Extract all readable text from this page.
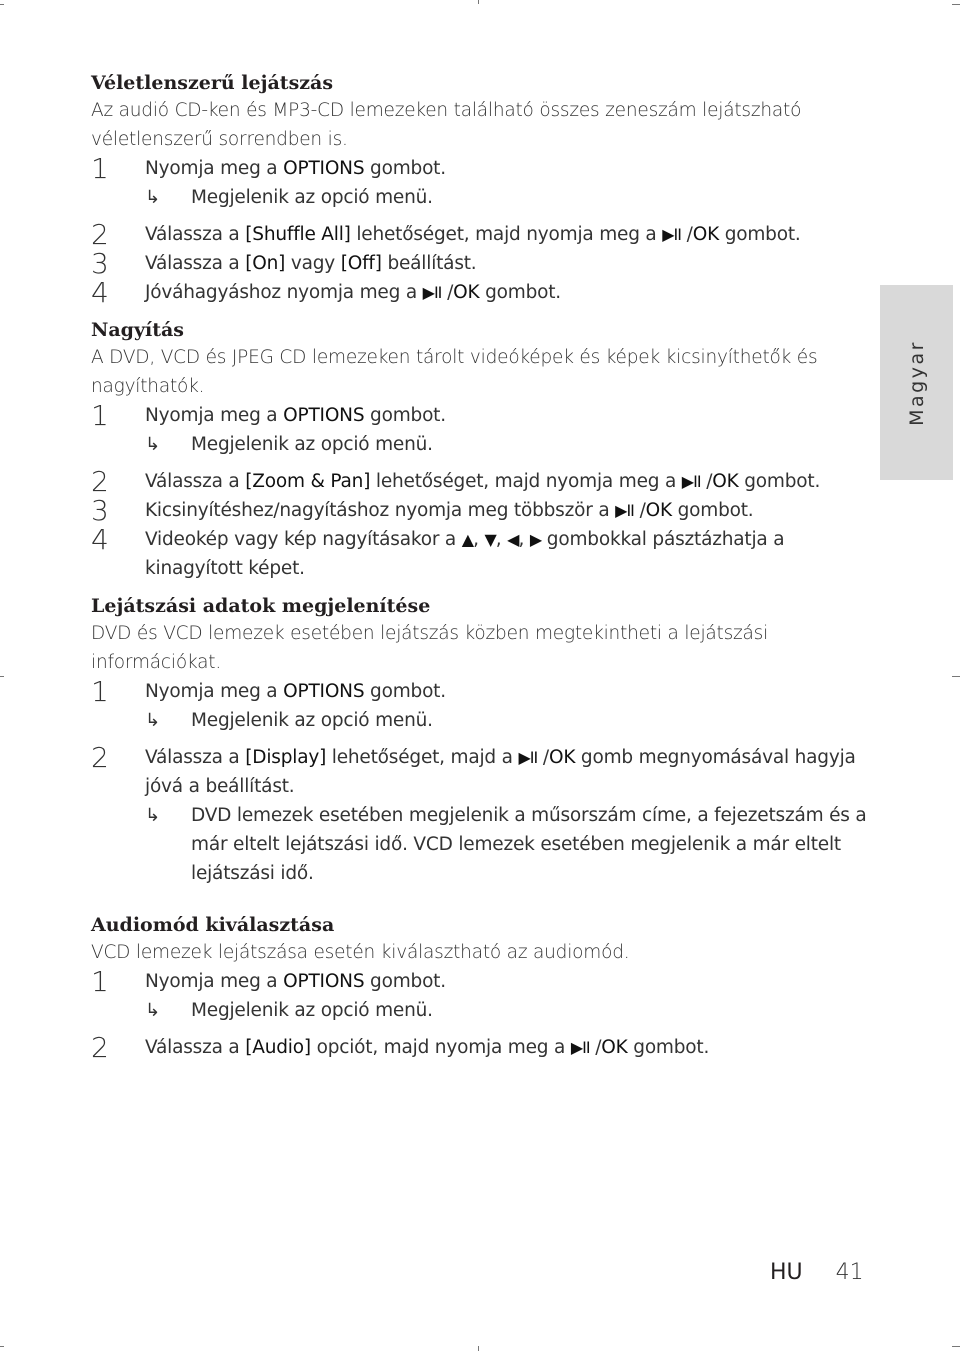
Véletlenszerű lejátszás

Az audió CD-ken és MP3-CD lemezeken található összes zeneszám lejátszható véletlenszerű sorrendben is.

1	Nyomja meg a OPTIONS gombot.
↳ Megjelenik az opció menü.
2	Válassza a [Shuffle All] lehetőséget, majd nyomja meg a ▶II /OK gombot.
3	Válassza a [On] vagy [Off] beállítást.
4	Jóváhagyáshoz nyomja meg a ▶II /OK gombot.
Nagyítás

A DVD, VCD és JPEG CD lemezeken tárolt videóképek és képek kicsinyíthetők és nagyíthatók.

1	Nyomja meg a OPTIONS gombot.
↳ Megjelenik az opció menü.
2	Válassza a [Zoom & Pan] lehetőséget, majd nyomja meg a ▶II /OK gombot.
3	Kicsinyítéshez/nagyításhoz nyomja meg többször a ▶II /OK gombot.
4	Videokép vagy kép nagyításakor a ▲, ▼, ◀, ▶ gombokkal pásztázhatja a kinagyított képet.
Lejátszási adatok megjelenítése

DVD és VCD lemezek esetében lejátszás közben megtekintheti a lejátszási információkat.

1	Nyomja meg a OPTIONS gombot.
↳ Megjelenik az opció menü.
2	Válassza a [Display] lehetőséget, majd a ▶II /OK gomb megnyomásával hagyja jóvá a beállítást.
↳ DVD lemezek esetében megjelenik a műsorszám címe, a fejezetszám és a már eltelt lejátszási idő. VCD lemezek esetében megjelenik a már eltelt lejátszási idő.
Audiomód kiválasztása

VCD lemezek lejátszása esetén kiválasztható az audiomód.

1	Nyomja meg a OPTIONS gombot.
↳ Megjelenik az opció menü.
2	Válassza a [Audio] opciót, majd nyomja meg a ▶II /OK gombot.
Magyar
HU 41
